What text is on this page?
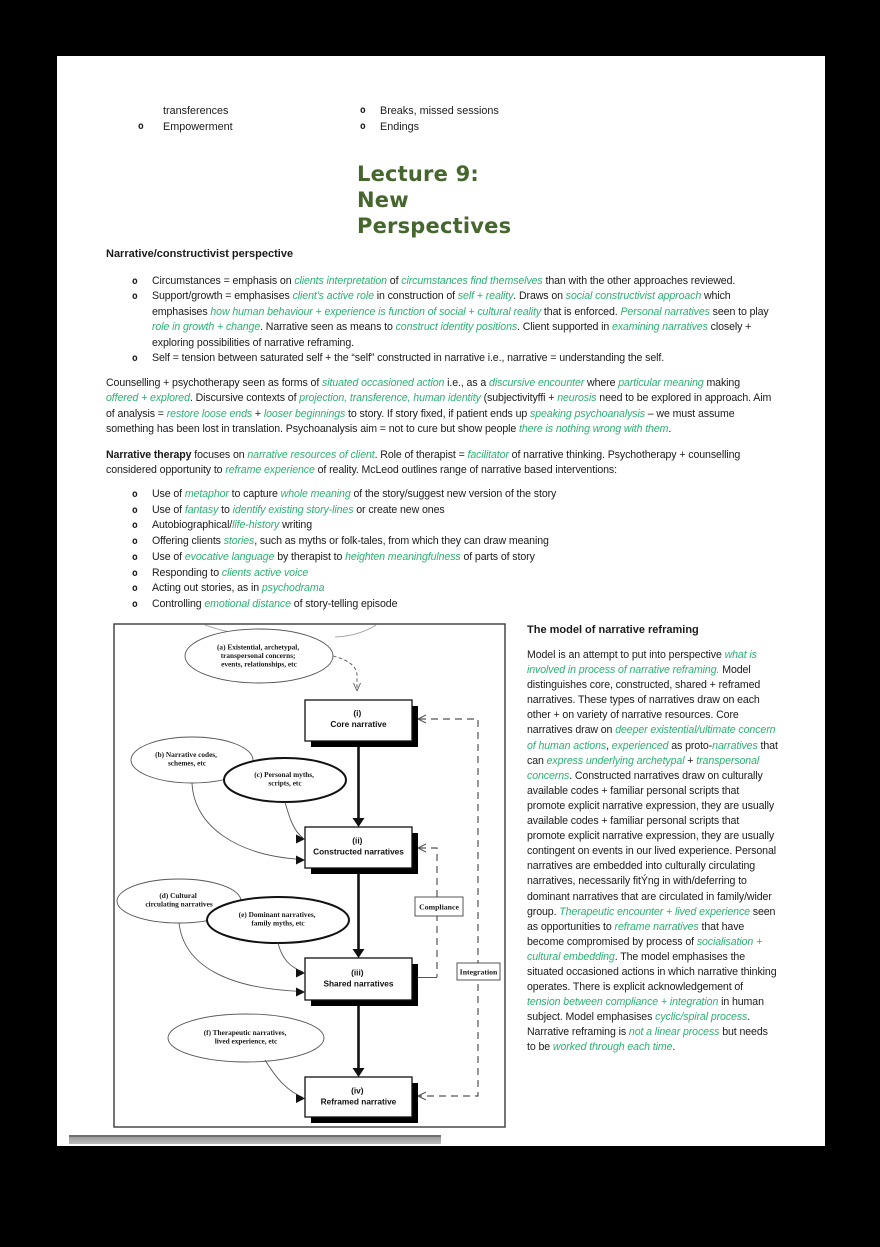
transferences
o	Empowerment
o	Breaks, missed sessions
o	Endings
Lecture 9:
New
Perspectives
Narrative/constructivist perspective
o	Circumstances = emphasis on clients interpretation of circumstances find themselves than with the other approaches reviewed.
o	Support/growth = emphasises client's active role in construction of self + reality. Draws on social constructivist approach which emphasises how human behaviour + experience is function of social + cultural reality that is enforced. Personal narratives seen to play role in growth + change. Narrative seen as means to construct identity positions. Client supported in examining narratives closely + exploring possibilities of narrative reframing.
o	Self = tension between saturated self + the “self” constructed in narrative i.e., narrative = understanding the self.

Counselling + psychotherapy seen as forms of situated occasioned action i.e., as a discursive encounter where particular meaning making offered + explored. Discursive contexts of projection, transference, human identity (subjectivityffi + neurosis need to be explored in approach. Aim of analysis = restore loose ends + looser beginnings to story. If story fixed, if patient ends up speaking psychoanalysis – we must assume something has been lost in translation. Psychoanalysis aim = not to cure but show people there is nothing wrong with them.

Narrative therapy focuses on narrative resources of client. Role of therapist = facilitator of narrative thinking. Psychotherapy + counselling considered opportunity to reframe experience of reality. McLeod outlines range of narrative based interventions:

o	Use of metaphor to capture whole meaning of the story/suggest new version of the story
o	Use of fantasy to identify existing story-lines or create new ones
o	Autobiographical/life-history writing
o	Offering clients stories, such as myths or folk-tales, from which they can draw meaning
o	Use of evocative language by therapist to heighten meaningfulness of parts of story
o	Responding to clients active voice
o	Acting out stories, as in psychodrama
o	Controlling emotional distance of story-telling episode
(a) Existential, archetypal, transpersonal concerns; events, relationships, etc
(b) Narrative codes, schemes, etc
(c) Personal myths, scripts, etc
(d) Cultural circulating narratives
(e) Dominant narratives, family myths, etc
(f) Therapeutic narratives, lived experience, etc
(i) Core narrative
(ii) Constructed narratives
(iii) Shared narratives
(iv) Reframed narrative
Compliance
Integration
The model of narrative reframing
Model is an attempt to put into perspective what is involved in process of narrative reframing. Model distinguishes core, constructed, shared + reframed narratives. These types of narratives draw on each other + on variety of narrative resources. Core narratives draw on deeper existential/ultimate concern of human actions, experienced as proto-narratives that can express underlying archetypal + transpersonal concerns. Constructed narratives draw on culturally available codes + familiar personal scripts that promote explicit narrative expression, they are usually available codes + familiar personal scripts that promote explicit narrative expression, they are usually contingent on events in our lived experience. Personal narratives are embedded into culturally circulating narratives, necessarily fitÝng in with/deferring to dominant narratives that are circulated in family/wider group. Therapeutic encounter + lived experience seen as opportunities to reframe narratives that have become compromised by process of socialisation + cultural embedding. The model emphasises the situated occasioned actions in which narrative thinking operates. There is explicit acknowledgement of tension between compliance + integration in human subject. Model emphasises cyclic/spiral process. Narrative reframing is not a linear process but needs to be worked through each time.
